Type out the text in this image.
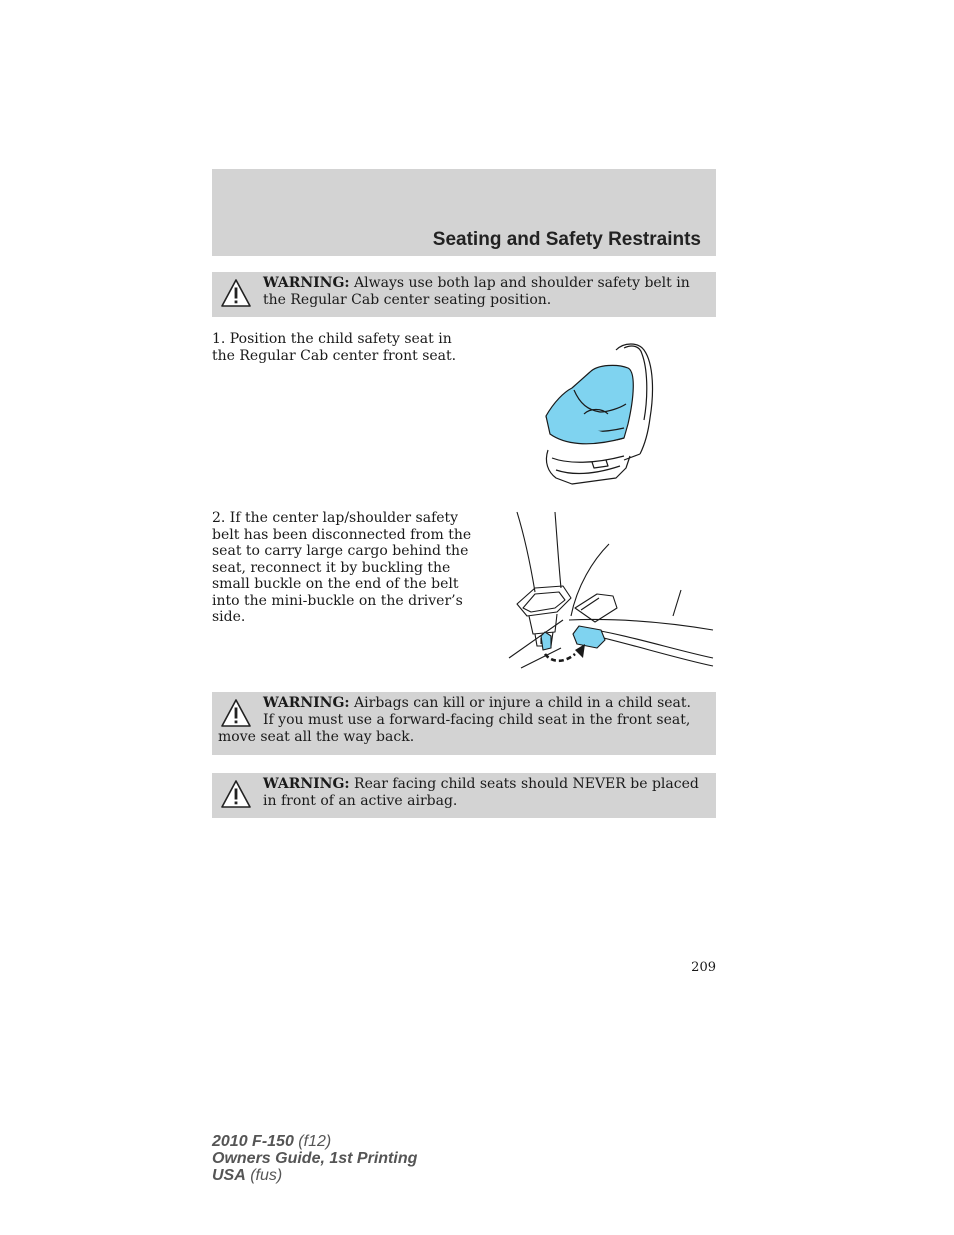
Seating and Safety Restraints
WARNING: Always use both lap and shoulder safety belt in the Regular Cab center seating position.
1. Position the child safety seat in the Regular Cab center front seat.
2. If the center lap/shoulder safety belt has been disconnected from the seat to carry large cargo behind the seat, reconnect it by buckling the small buckle on the end of the belt into the mini-buckle on the driver’s side.
WARNING: Airbags can kill or injure a child in a child seat. If you must use a forward-facing child seat in the front seat, move seat all the way back.
WARNING: Rear facing child seats should NEVER be placed in front of an active airbag.
209
2010 F-150 (f12)
Owners Guide, 1st Printing
USA (fus)
